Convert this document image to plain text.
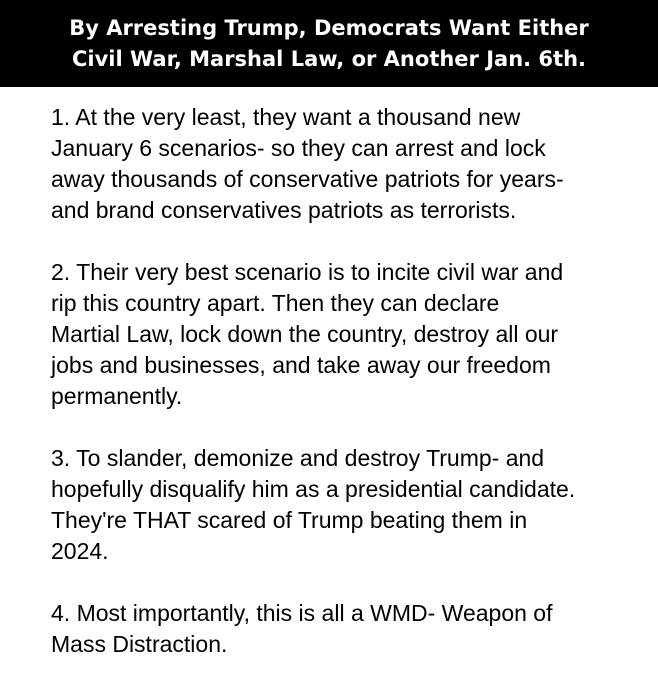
By Arresting Trump, Democrats Want Either
Civil War, Marshal Law, or Another Jan. 6th.
1. At the very least, they want a thousand new
January 6 scenarios- so they can arrest and lock
away thousands of conservative patriots for years-
and brand conservatives patriots as terrorists.
2. Their very best scenario is to incite civil war and
rip this country apart. Then they can declare
Martial Law, lock down the country, destroy all our
jobs and businesses, and take away our freedom
permanently.
3. To slander, demonize and destroy Trump- and
hopefully disqualify him as a presidential candidate.
They're THAT scared of Trump beating them in
2024.
4. Most importantly, this is all a WMD- Weapon of
Mass Distraction.
